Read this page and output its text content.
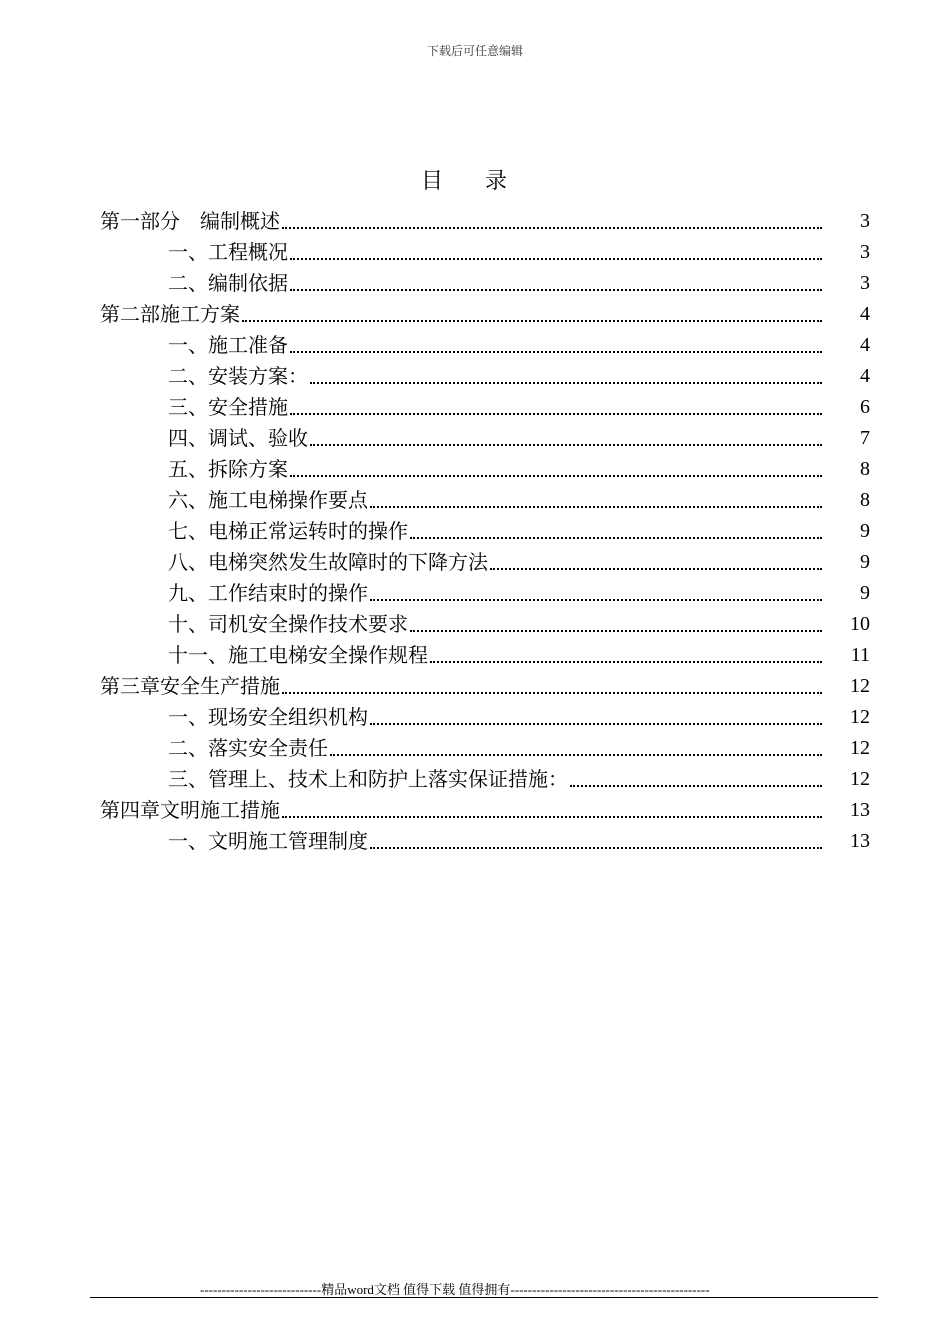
下载后可任意编辑
目录
第一部分　编制概述	3
一、工程概况	3
二、编制依据	3
第二部施工方案	4
一、施工准备	4
二、安装方案：	4
三、安全措施	6
四、调试、验收	7
五、拆除方案	8
六、施工电梯操作要点	8
七、电梯正常运转时的操作	9
八、电梯突然发生故障时的下降方法	9
九、工作结束时的操作	9
十、司机安全操作技术要求	10
十一、施工电梯安全操作规程	11
第三章安全生产措施	12
一、现场安全组织机构	12
二、落实安全责任	12
三、管理上、技术上和防护上落实保证措施：	12
第四章文明施工措施	13
一、文明施工管理制度	13
----------------------------精品word文档 值得下载 值得拥有----------------------------------------------
